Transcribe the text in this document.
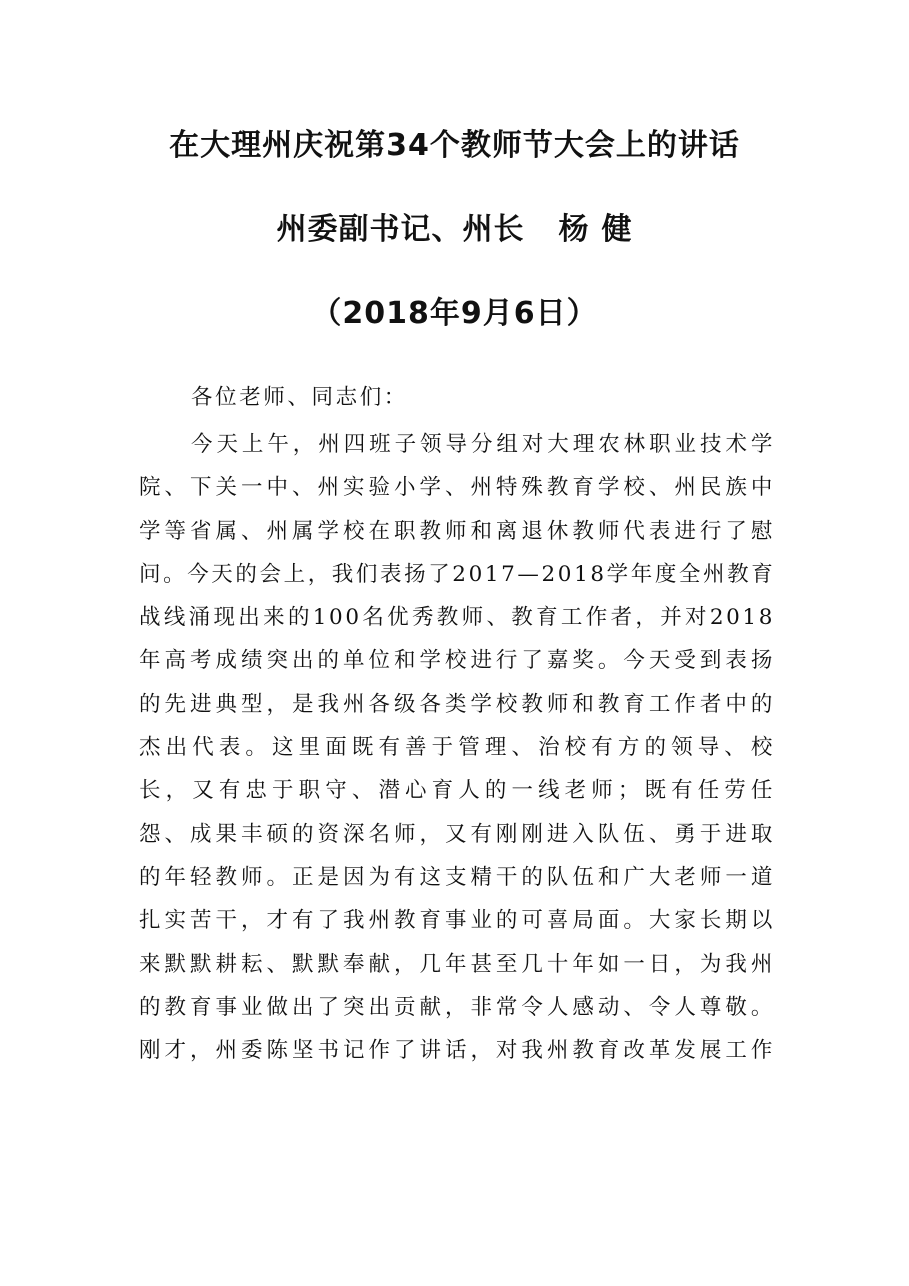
在大理州庆祝第34个教师节大会上的讲话
州委副书记、州长 杨 健
（2018年9月6日）

各位老师、同志们：

今天上午，州四班子领导分组对大理农林职业技术学
院、下关一中、州实验小学、州特殊教育学校、州民族中
学等省属、州属学校在职教师和离退休教师代表进行了慰
问。今天的会上，我们表扬了2017—2018学年度全州教育
战线涌现出来的100名优秀教师、教育工作者，并对2018
年高考成绩突出的单位和学校进行了嘉奖。今天受到表扬
的先进典型，是我州各级各类学校教师和教育工作者中的
杰出代表。这里面既有善于管理、治校有方的领导、校
长，又有忠于职守、潜心育人的一线老师；既有任劳任
怨、成果丰硕的资深名师，又有刚刚进入队伍、勇于进取
的年轻教师。正是因为有这支精干的队伍和广大老师一道
扎实苦干，才有了我州教育事业的可喜局面。大家长期以
来默默耕耘、默默奉献，几年甚至几十年如一日，为我州
的教育事业做出了突出贡献，非常令人感动、令人尊敬。
刚才，州委陈坚书记作了讲话，对我州教育改革发展工作
